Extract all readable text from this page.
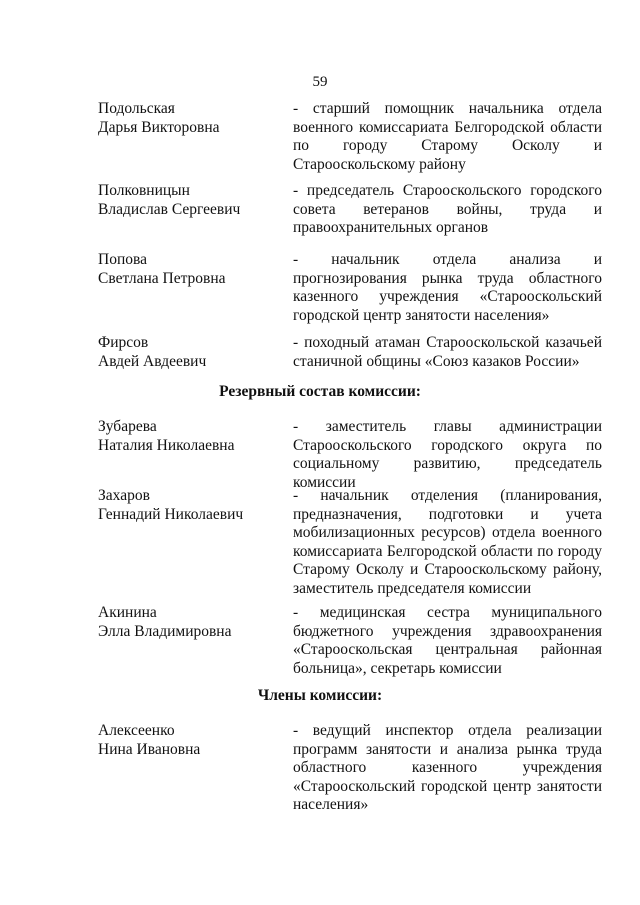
59
Подольская
Дарья Викторовна
- старший помощник начальника отдела военного комиссариата Белгородской области по городу Старому Осколу и Старооскольскому району
Полковницын
Владислав Сергеевич
- председатель Старооскольского городского совета ветеранов войны, труда и правоохранительных органов
Попова
Светлана Петровна
- начальник отдела анализа и прогнозирования рынка труда областного казенного учреждения «Старооскольский городской центр занятости населения»
Фирсов
Авдей Авдеевич
- походный атаман Старооскольской казачьей станичной общины «Союз казаков России»
Резервный состав комиссии:
Зубарева
Наталия Николаевна
- заместитель главы администрации Старооскольского городского округа по социальному развитию, председатель комиссии
Захаров
Геннадий Николаевич
- начальник отделения (планирования, предназначения, подготовки и учета мобилизационных ресурсов) отдела военного комиссариата Белгородской области по городу Старому Осколу и Старооскольскому району, заместитель председателя комиссии
Акинина
Элла Владимировна
- медицинская сестра муниципального бюджетного учреждения здравоохранения «Старооскольская центральная районная больница», секретарь комиссии
Члены комиссии:
Алексеенко
Нина Ивановна
- ведущий инспектор отдела реализации программ занятости и анализа рынка труда областного казенного учреждения «Старооскольский городской центр занятости населения»
